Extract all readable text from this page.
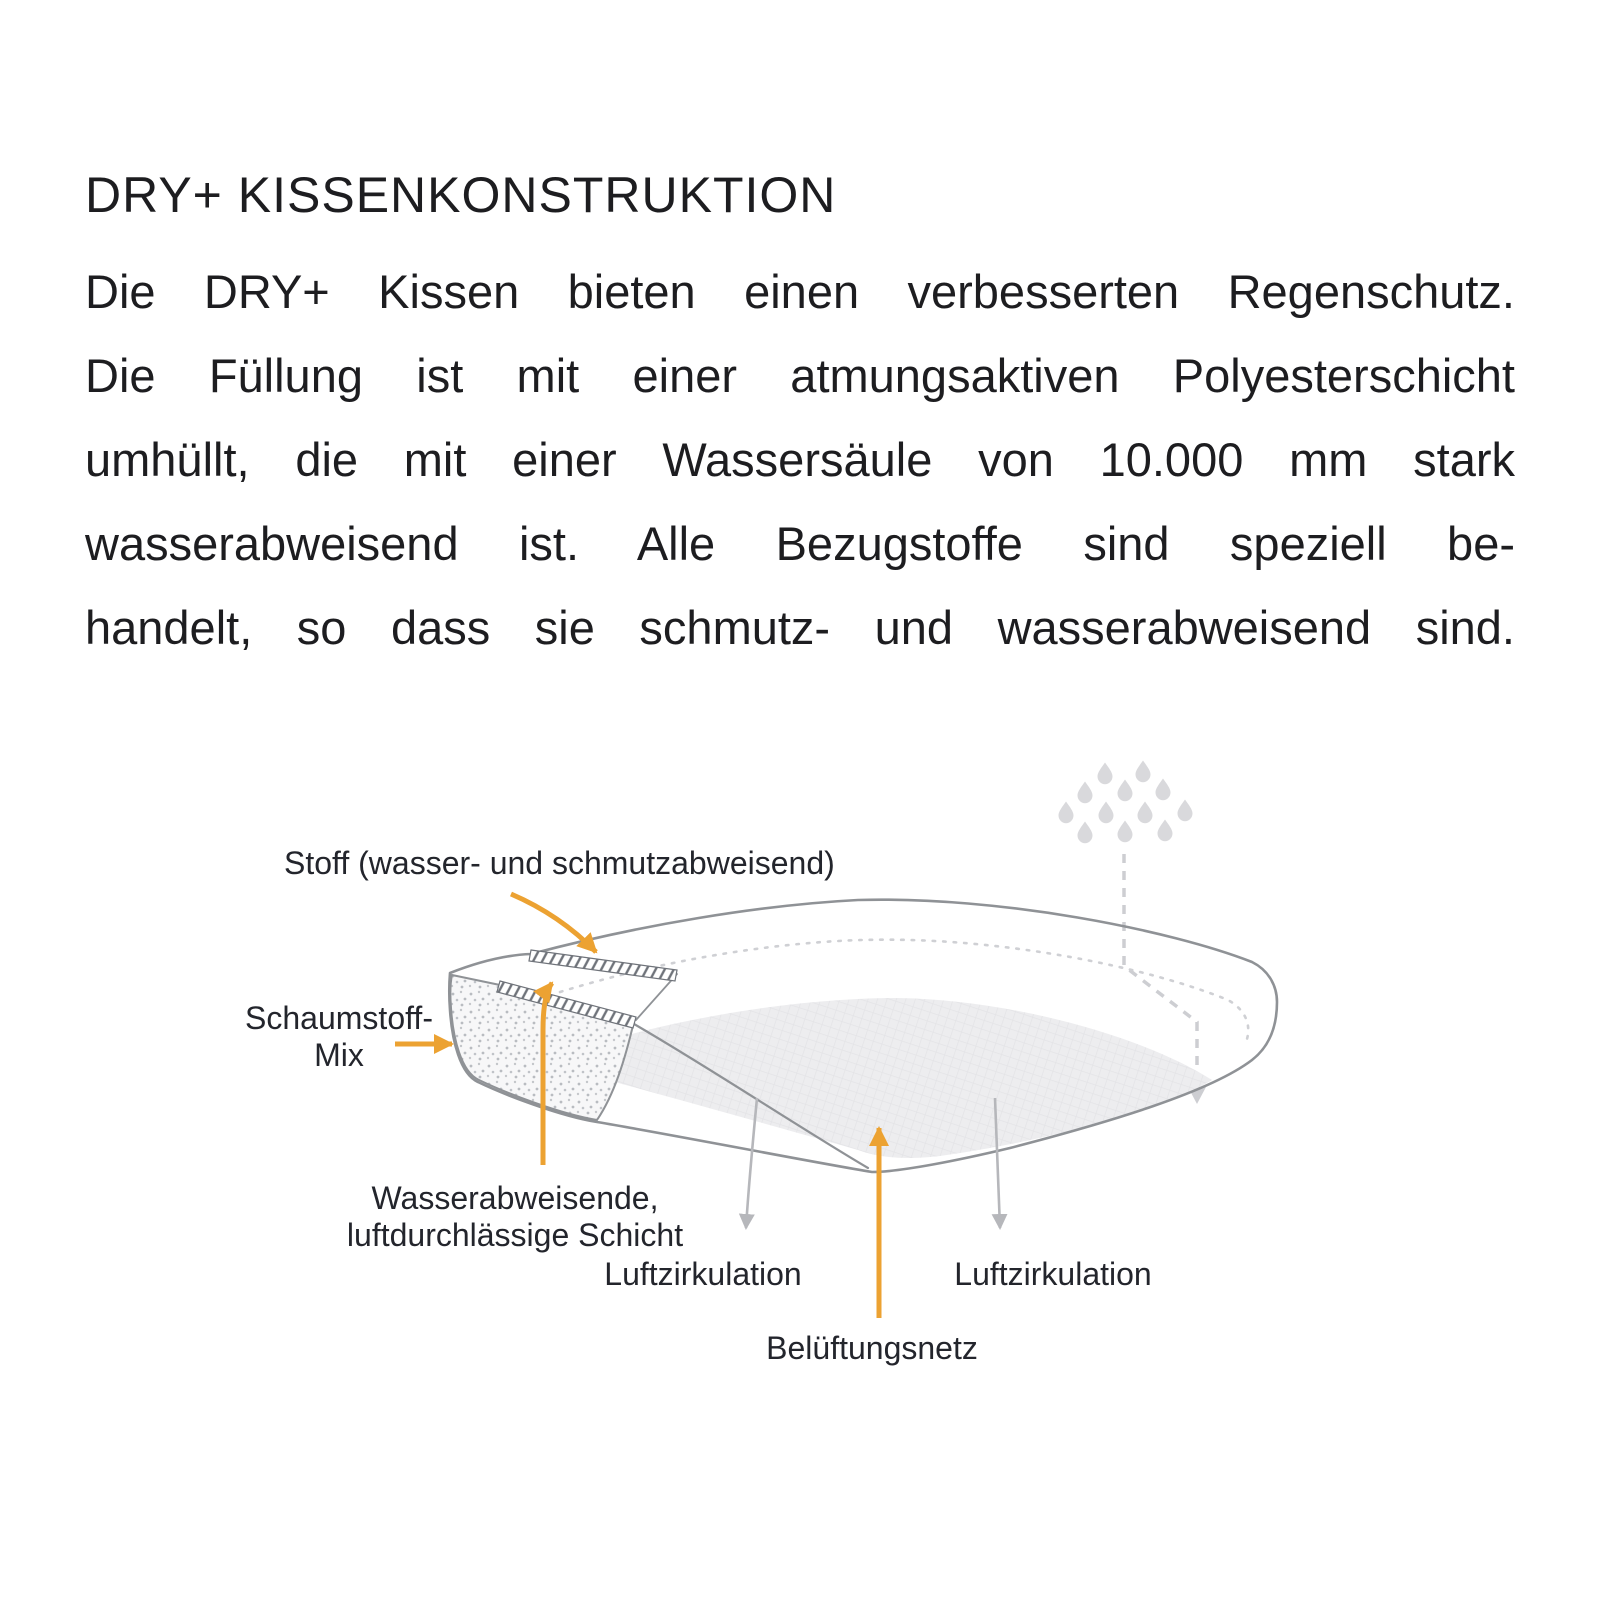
DRY+ KISSENKONSTRUKTION
Die DRY+ Kissen bieten einen verbesserten Regenschutz.
Die Füllung ist mit einer atmungsaktiven Polyesterschicht
umhüllt, die mit einer Wassersäule von 10.000 mm stark
wasserabweisend ist. Alle Bezugstoffe sind speziell be-
handelt, so dass sie schmutz- und wasserabweisend sind.
Stoff (wasser- und schmutzabweisend)
Schaumstoff-
Mix
Wasserabweisende,
luftdurchlässige Schicht
Luftzirkulation	Luftzirkulation
Belüftungsnetz
